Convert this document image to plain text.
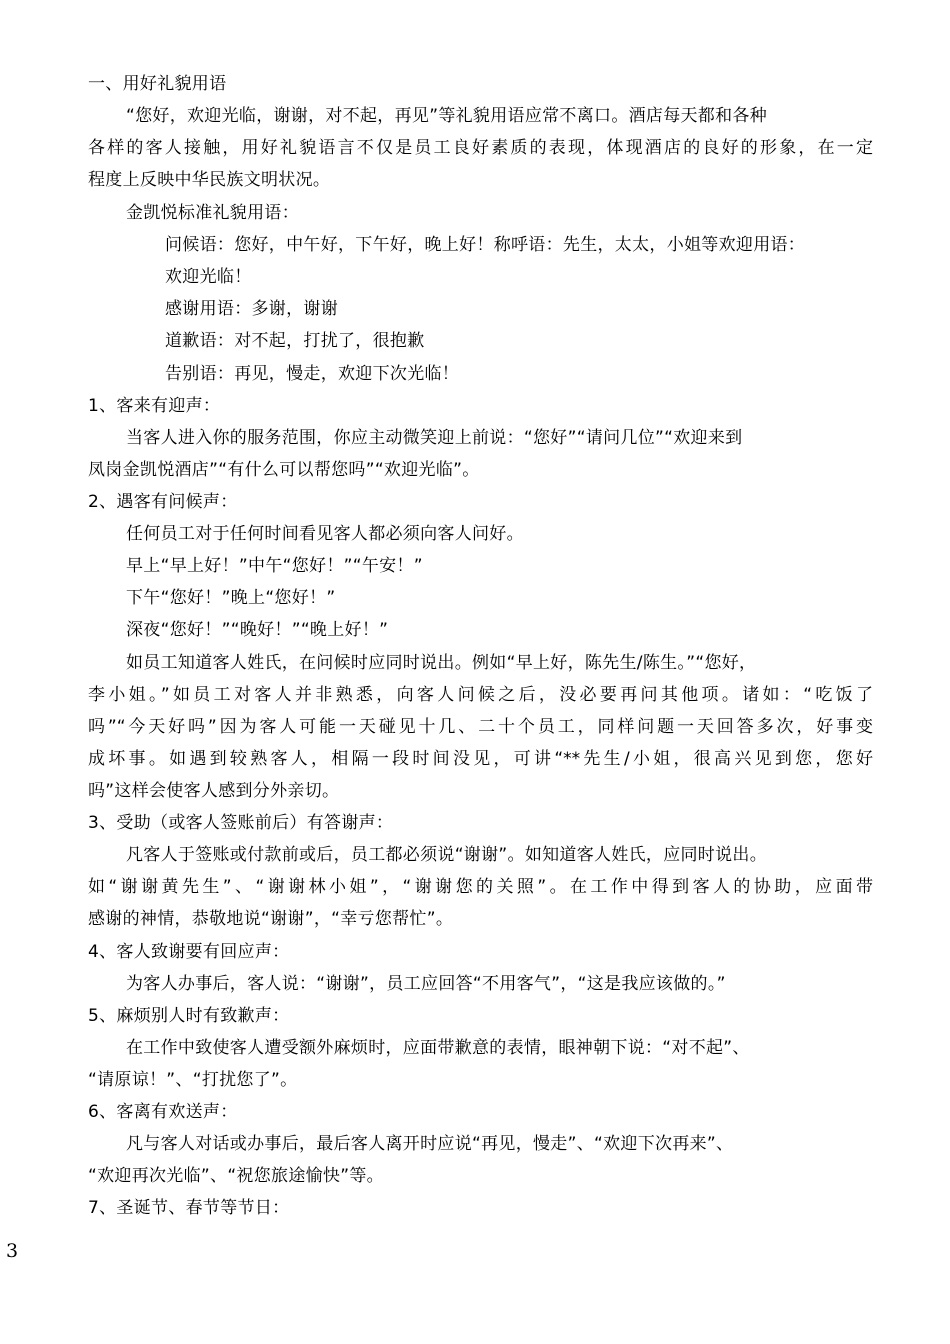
一、用好礼貌用语
“您好，欢迎光临，谢谢，对不起，再见”等礼貌用语应常不离口。酒店每天都和各种
各样的客人接触，用好礼貌语言不仅是员工良好素质的表现，体现酒店的良好的形象，在一定
程度上反映中华民族文明状况。
金凯悦标准礼貌用语：
问候语：您好，中午好，下午好，晚上好！称呼语：先生，太太，小姐等欢迎用语：
欢迎光临！
感谢用语：多谢，谢谢
道歉语：对不起，打扰了，很抱歉
告别语：再见，慢走，欢迎下次光临！
1、客来有迎声：
当客人进入你的服务范围，你应主动微笑迎上前说：“您好”“请问几位”“欢迎来到
凤岗金凯悦酒店”“有什么可以帮您吗”“欢迎光临”。
2、遇客有问候声：
任何员工对于任何时间看见客人都必须向客人问好。
早上“早上好！”中午“您好！”“午安！”
下午“您好！”晚上“您好！”
深夜“您好！”“晚好！”“晚上好！”
如员工知道客人姓氏，在问候时应同时说出。例如“早上好，陈先生/陈生。”“您好，
李小姐。”如员工对客人并非熟悉，向客人问候之后，没必要再问其他项。诸如：“吃饭了
吗”“今天好吗”因为客人可能一天碰见十几、二十个员工，同样问题一天回答多次，好事变
成坏事。如遇到较熟客人，相隔一段时间没见，可讲“**先生/小姐，很高兴见到您，您好
吗”这样会使客人感到分外亲切。
3、受助（或客人签账前后）有答谢声：
凡客人于签账或付款前或后，员工都必须说“谢谢”。如知道客人姓氏，应同时说出。
如“谢谢黄先生”、“谢谢林小姐”，“谢谢您的关照”。在工作中得到客人的协助，应面带
感谢的神情，恭敬地说“谢谢”，“幸亏您帮忙”。
4、客人致谢要有回应声：
为客人办事后，客人说：“谢谢”，员工应回答“不用客气”，“这是我应该做的。”
5、麻烦别人时有致歉声：
在工作中致使客人遭受额外麻烦时，应面带歉意的表情，眼神朝下说：“对不起”、
“请原谅！”、“打扰您了”。
6、客离有欢送声：
凡与客人对话或办事后，最后客人离开时应说“再见，慢走”、“欢迎下次再来”、
“欢迎再次光临”、“祝您旅途愉快”等。
7、圣诞节、春节等节日：
3
